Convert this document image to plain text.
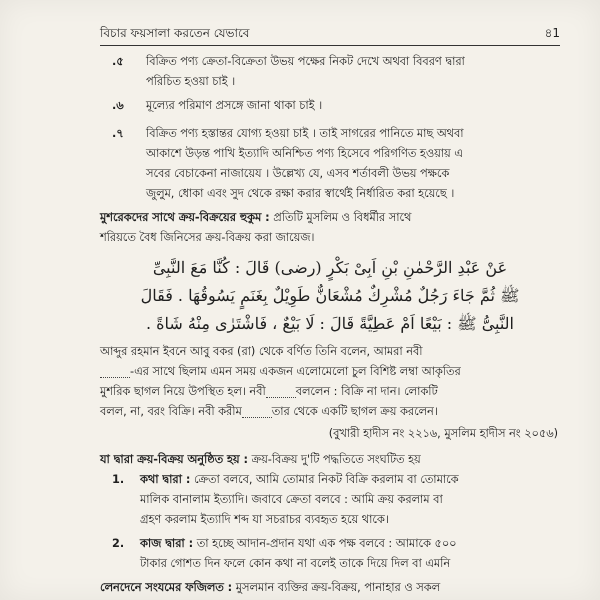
বিচার ফয়সালা করতেন যেভাবে	৪1
.৫	বিক্রিত পণ্য ক্রেতা-বিক্রেতা উভয় পক্ষের নিকট দেখে অথবা বিবরণ দ্বারা
পরিচিত হওয়া চাই ।
.৬	মূল্যের পরিমাণ প্রসঙ্গে জানা থাকা চাই ।
.৭	বিক্রিত পণ্য হস্তান্তর যোগ্য হওয়া চাই । তাই সাগরের পানিতে মাছ অথবা
আকাশে উড়ন্ত পাখি ইত্যাদি অনিশ্চিত পণ্য হিসেবে পরিগণিত হওয়ায় এ
সবের বেচাকেনা নাজায়েয । উল্লেখ্য যে, এসব শর্তাবলী উভয় পক্ষকে
জুলুম, ধোকা এবং সুদ থেকে রক্ষা করার স্বার্থেই নির্ধারিত করা হয়েছে ।
মুশরেকদের সাথে ক্রয়-বিক্রয়ের হুকুম : প্রতিটি মুসলিম ও বিধর্মীর সাথে
শরিয়তে বৈধ জিনিসের ক্রয়-বিক্রয় করা জায়েজ।
عَنْ عَبْدِ الرَّحْمٰنِ بْنِ اَبِىْ بَكْرٍ (رضى) قَالَ : كُنَّا مَعَ النَّبِىِّ
ﷺ ثُمَّ جَاءَ رَجُلٌ مُشْرِكٌ مُشْعَانٌّ طَوِيْلٌ بِغَنَمٍ يَسُوقُهَا . فَقَالَ
النَّبِىُّ ﷺ : بَيْعًا اَمْ عَطِيَّةً قَالَ : لَا بَيْعٌ ، فَاشْتَرٰى مِنْهُ شَاةً .
আব্দুর রহমান ইবনে আবু বকর (রা) থেকে বর্ণিত তিনি বলেন, আমরা নবী
-এর সাথে ছিলাম এমন সময় একজন এলোমেলো চুল বিশিষ্ট লম্বা আকৃতির
মুশরিক ছাগল নিয়ে উপস্থিত হল। নবী	বললেন : বিক্রি না দান। লোকটি
বলল, না, বরং বিক্রি। নবী করীম	তার থেকে একটি ছাগল ক্রয় করলেন।
(বুখারী হাদীস নং ২২১৬, মুসলিম হাদীস নং ২০৫৬)
যা দ্বারা ক্রয়-বিক্রয় অনুষ্ঠিত হয় : ক্রয়-বিক্রয় দু'টি পদ্ধতিতে সংঘটিত হয়
1. কথা দ্বারা : ক্রেতা বলবে, আমি তোমার নিকট বিক্রি করলাম বা তোমাকে
মালিক বানালাম ইত্যাদি। জবাবে ক্রেতা বলবে : আমি ক্রয় করলাম বা
গ্রহণ করলাম ইত্যাদি শব্দ যা সচরাচর ব্যবহৃত হয়ে থাকে।
2. কাজ দ্বারা : তা হচ্ছে আদান-প্রদান যথা এক পক্ষ বলবে : আমাকে ৫০০
টাকার গোশত দিন ফলে কোন কথা না বলেই তাকে দিয়ে দিল বা এমনি
লেনদেনে সংযমের ফজিলত : মুসলমান ব্যক্তির ক্রয়-বিক্রয়, পানাহার ও সকল
